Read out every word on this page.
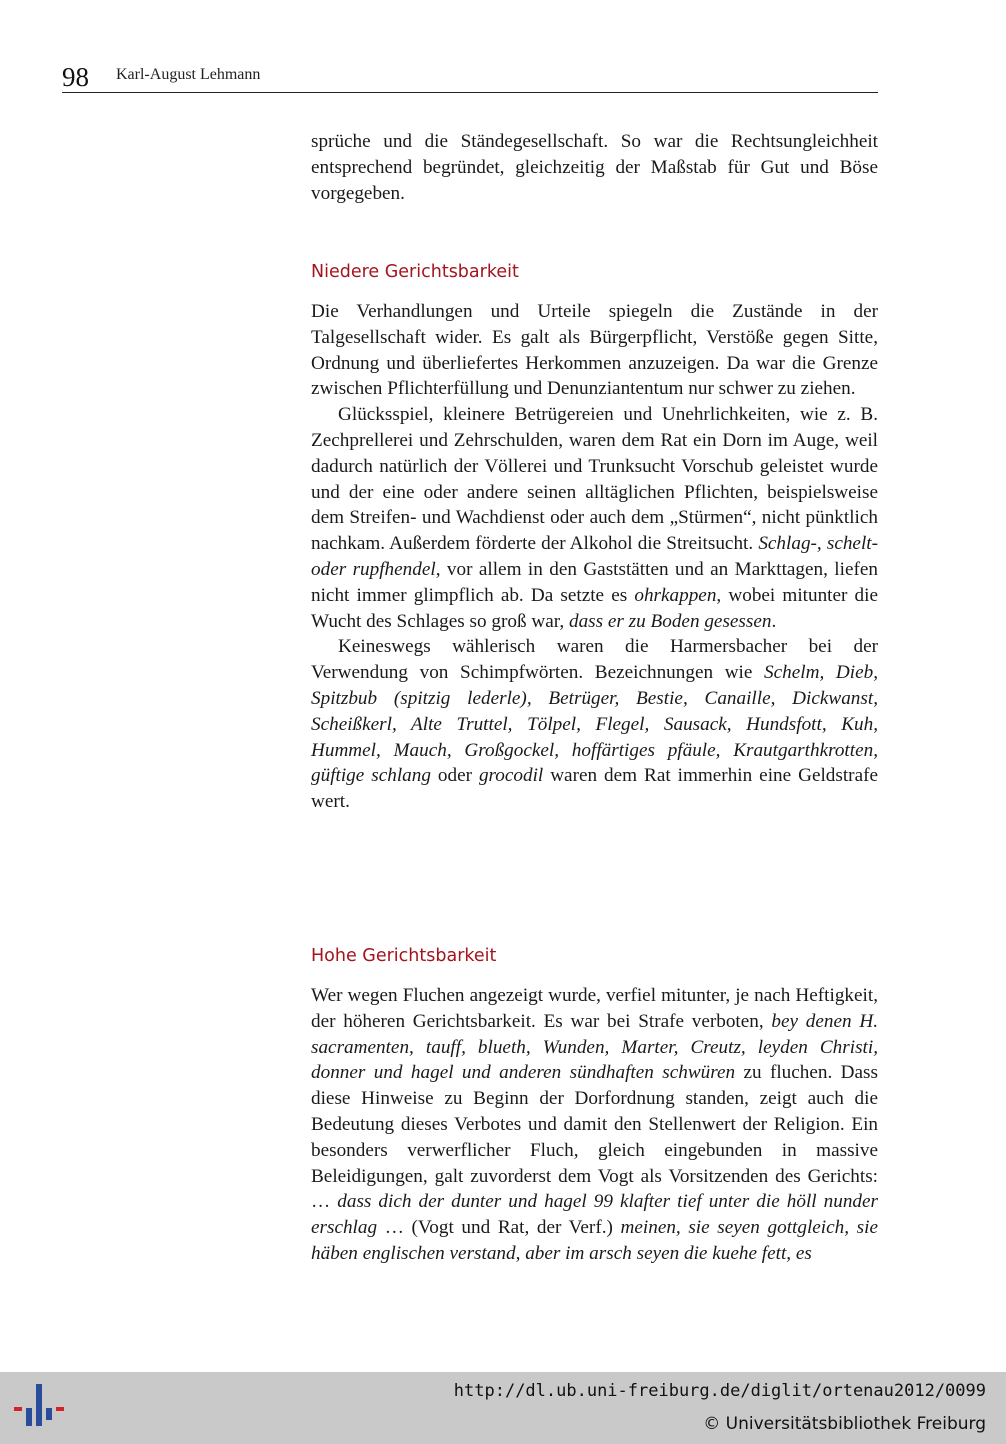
98 Karl-August Lehmann

sprüche und die Ständegesellschaft. So war die Rechtsungleichheit entsprechend begründet, gleichzeitig der Maßstab für Gut und Böse vorgegeben.

Niedere Gerichtsbarkeit

Die Verhandlungen und Urteile spiegeln die Zustände in der Talgesellschaft wider. Es galt als Bürgerpflicht, Verstöße gegen Sitte, Ordnung und überliefertes Herkommen anzuzeigen. Da war die Grenze zwischen Pflichterfüllung und Denunziantentum nur schwer zu ziehen.

Glücksspiel, kleinere Betrügereien und Unehrlichkeiten, wie z. B. Zechprellerei und Zehrschulden, waren dem Rat ein Dorn im Auge, weil dadurch natürlich der Völlerei und Trunksucht Vorschub geleistet wurde und der eine oder andere seinen alltäglichen Pflichten, beispielsweise dem Streifen- und Wachdienst oder auch dem „Stürmen“, nicht pünktlich nachkam. Außerdem förderte der Alkohol die Streitsucht. Schlag-, schelt- oder rupfhendel, vor allem in den Gaststätten und an Markttagen, liefen nicht immer glimpflich ab. Da setzte es ohrkappen, wobei mitunter die Wucht des Schlages so groß war, dass er zu Boden gesessen.

Keineswegs wählerisch waren die Harmersbacher bei der Verwendung von Schimpfwörten. Bezeichnungen wie Schelm, Dieb, Spitzbub (spitzig lederle), Betrüger, Bestie, Canaille, Dickwanst, Scheißkerl, Alte Truttel, Tölpel, Flegel, Sausack, Hundsfott, Kuh, Hummel, Mauch, Großgockel, hoffärtiges pfäule, Krautgarthkrotten, güftige schlang oder grocodil waren dem Rat immerhin eine Geldstrafe wert.

Hohe Gerichtsbarkeit

Wer wegen Fluchen angezeigt wurde, verfiel mitunter, je nach Heftigkeit, der höheren Gerichtsbarkeit. Es war bei Strafe verboten, bey denen H. sacramenten, tauff, blueth, Wunden, Marter, Creutz, leyden Christi, donner und hagel und anderen sündhaften schwüren zu fluchen. Dass diese Hinweise zu Beginn der Dorfordnung standen, zeigt auch die Bedeutung dieses Verbotes und damit den Stellenwert der Religion. Ein besonders verwerflicher Fluch, gleich eingebunden in massive Beleidigungen, galt zuvorderst dem Vogt als Vorsitzenden des Gerichts: … dass dich der dunter und hagel 99 klafter tief unter die höll nunder erschlag … (Vogt und Rat, der Verf.) meinen, sie seyen gottgleich, sie häben englischen verstand, aber im arsch seyen die kuehe fett, es

http://dl.ub.uni-freiburg.de/diglit/ortenau2012/0099
© Universitätsbibliothek Freiburg
